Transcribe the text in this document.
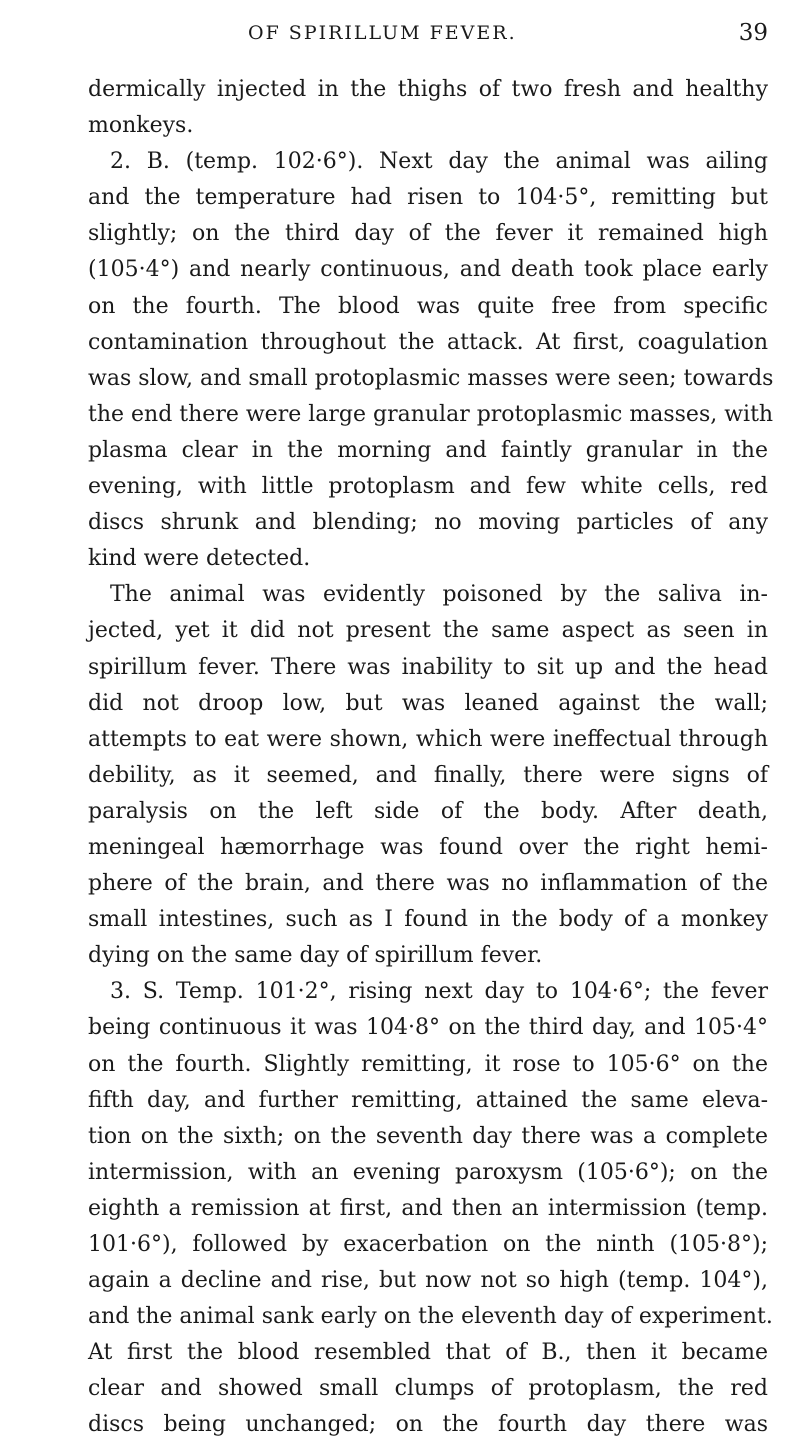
OF SPIRILLUM FEVER.	39
dermically injected in the thighs of two fresh and healthy
monkeys.
2. B. (temp. 102·6°). Next day the animal was ailing
and the temperature had risen to 104·5°, remitting but
slightly; on the third day of the fever it remained high
(105·4°) and nearly continuous, and death took place early
on the fourth. The blood was quite free from specific
contamination throughout the attack. At first, coagulation
was slow, and small protoplasmic masses were seen; towards
the end there were large granular protoplasmic masses, with
plasma clear in the morning and faintly granular in the
evening, with little protoplasm and few white cells, red
discs shrunk and blending; no moving particles of any
kind were detected.
The animal was evidently poisoned by the saliva in-
jected, yet it did not present the same aspect as seen in
spirillum fever. There was inability to sit up and the head
did not droop low, but was leaned against the wall;
attempts to eat were shown, which were ineffectual through
debility, as it seemed, and finally, there were signs of
paralysis on the left side of the body. After death,
meningeal hæmorrhage was found over the right hemi-
phere of the brain, and there was no inflammation of the
small intestines, such as I found in the body of a monkey
dying on the same day of spirillum fever.
3. S. Temp. 101·2°, rising next day to 104·6°; the fever
being continuous it was 104·8° on the third day, and 105·4°
on the fourth. Slightly remitting, it rose to 105·6° on the
fifth day, and further remitting, attained the same eleva-
tion on the sixth; on the seventh day there was a complete
intermission, with an evening paroxysm (105·6°); on the
eighth a remission at first, and then an intermission (temp.
101·6°), followed by exacerbation on the ninth (105·8°);
again a decline and rise, but now not so high (temp. 104°),
and the animal sank early on the eleventh day of experiment.
At first the blood resembled that of B., then it became
clear and showed small clumps of protoplasm, the red
discs being unchanged; on the fourth day there was
